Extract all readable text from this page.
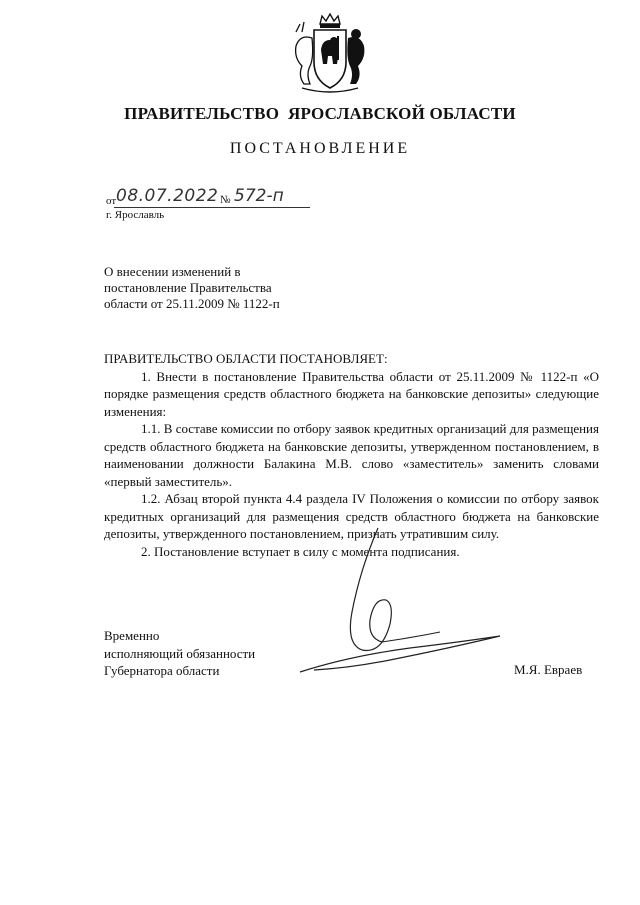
ПРАВИТЕЛЬСТВО  ЯРОСЛАВСКОЙ ОБЛАСТИ
ПОСТАНОВЛЕНИЕ
от 08.07.2022 № 572-п
г. Ярославль
О внесении изменений в
постановление Правительства
области от 25.11.2009 № 1122-п
ПРАВИТЕЛЬСТВО ОБЛАСТИ ПОСТАНОВЛЯЕТ:

1. Внести в постановление Правительства области от 25.11.2009 № 1122-п «О порядке размещения средств областного бюджета на банковские депозиты» следующие изменения:

1.1. В составе комиссии по отбору заявок кредитных организаций для размещения средств областного бюджета на банковские депозиты, утвержденном постановлением, в наименовании должности Балакина М.В. слово «заместитель» заменить словами «первый заместитель».

1.2. Абзац второй пункта 4.4 раздела IV Положения о комиссии по отбору заявок кредитных организаций для размещения средств областного бюджета на банковские депозиты, утвержденного постановлением, признать утратившим силу.

2. Постановление вступает в силу с момента подписания.

Временно
исполняющий обязанности
Губернатора области	М.Я. Евраев
